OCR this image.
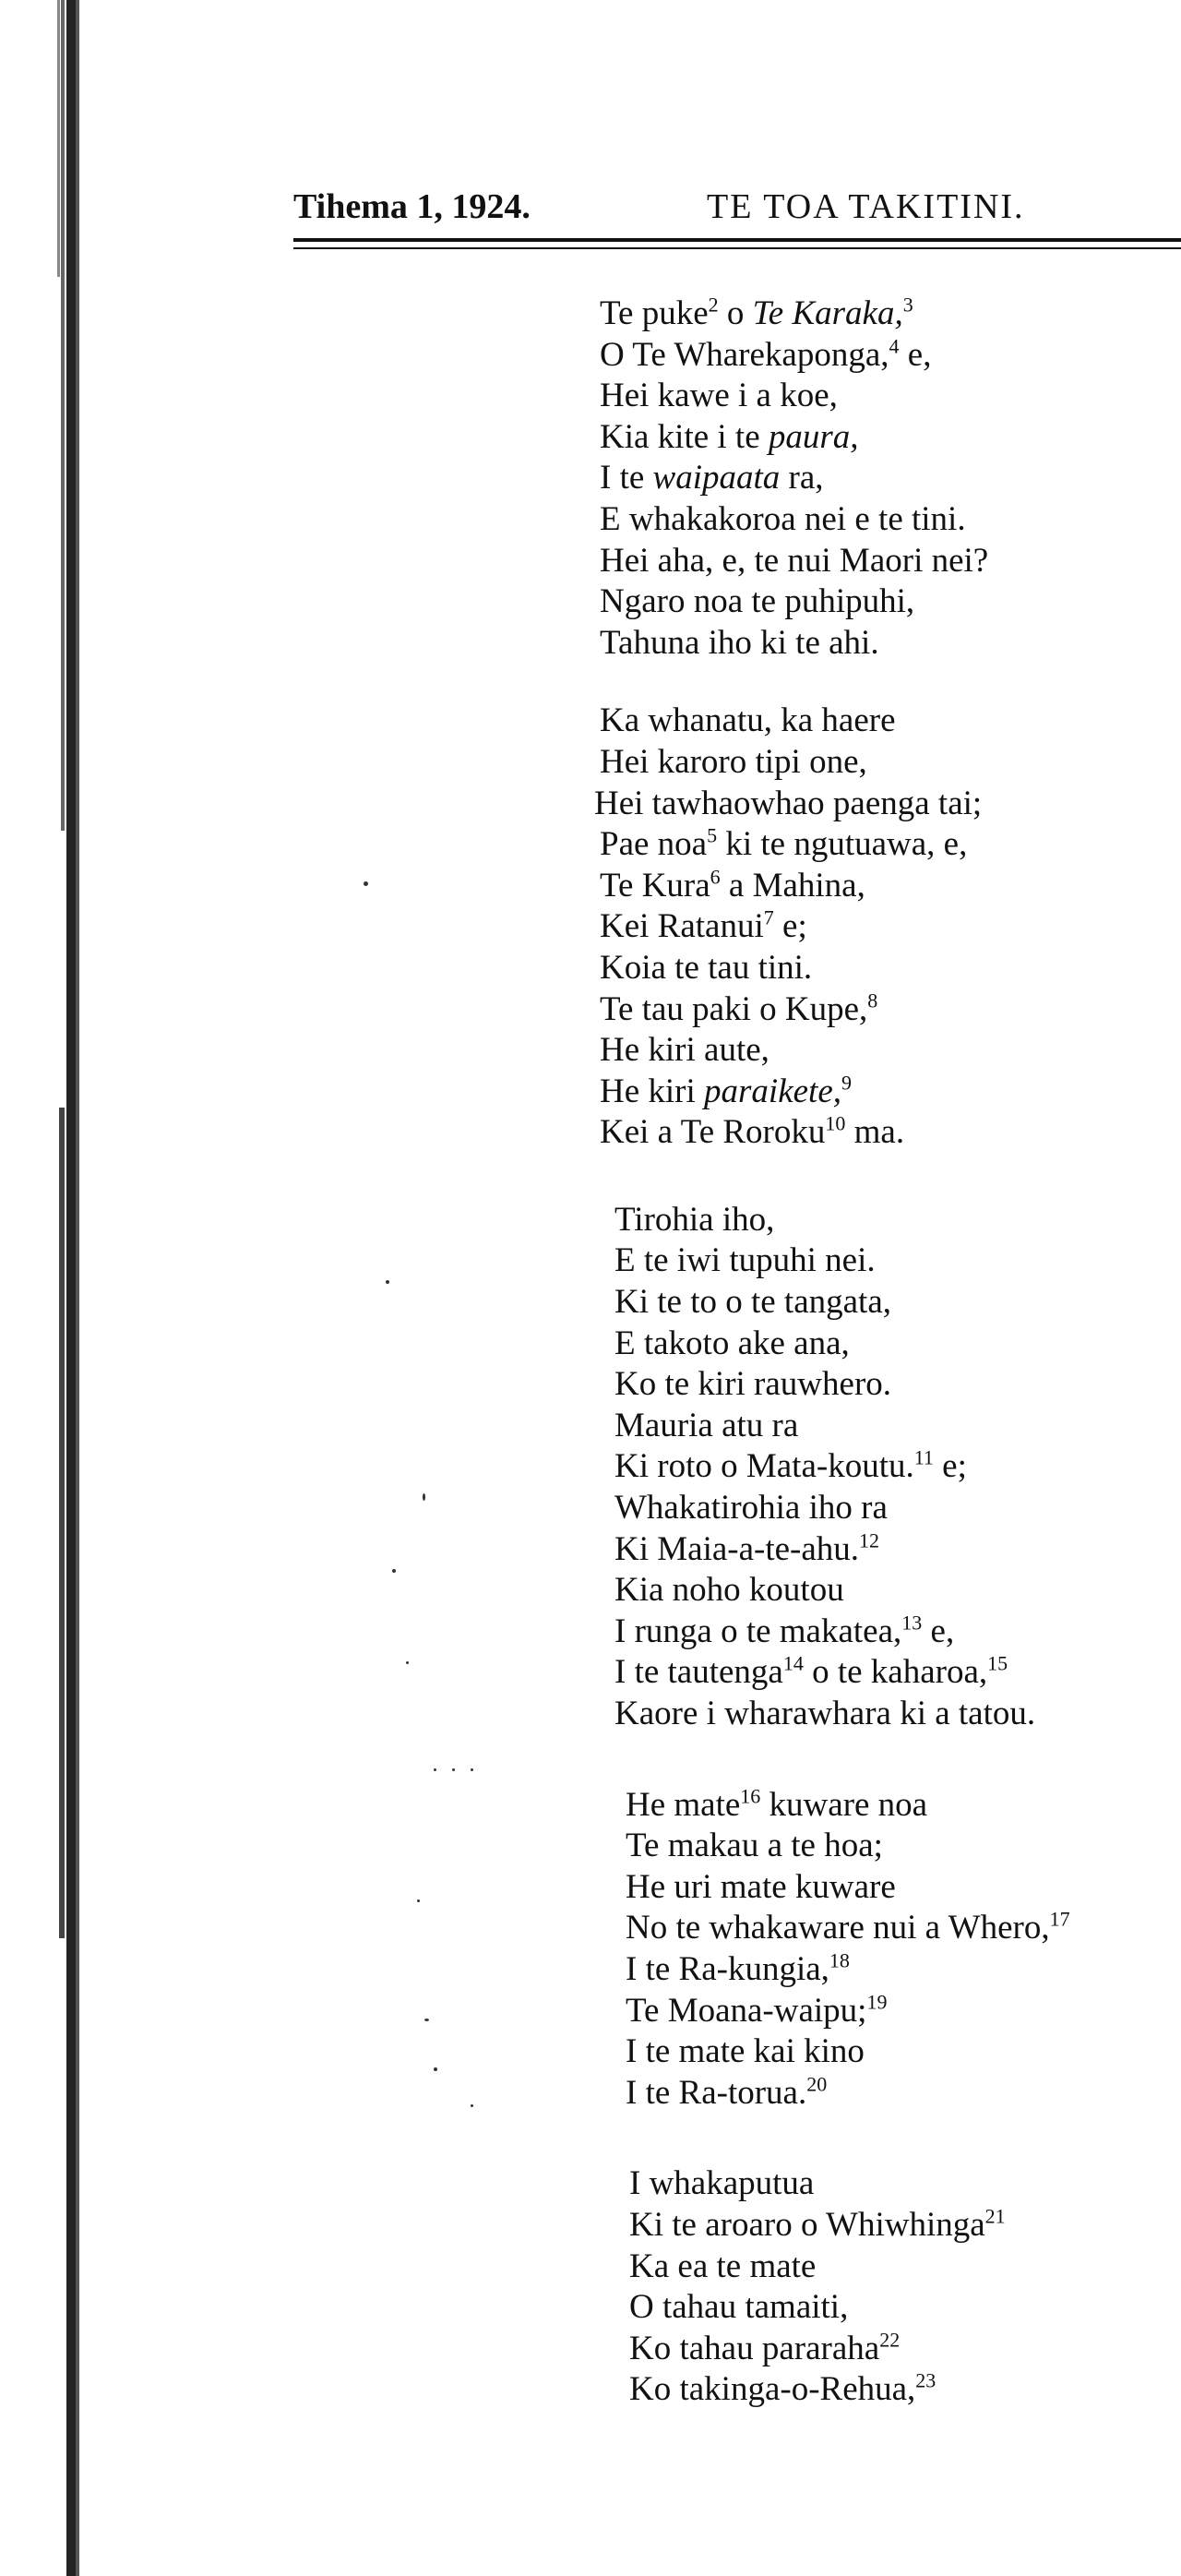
Tihema 1, 1924.	TE TOA TAKITINI.
Te puke$^2$ o Te Karaka,$^3$
O Te Wharekaponga,$^4$ e,
Hei kawe i a koe,
Kia kite i te paura,
I te waipaata ra,
E whakakoroa nei e te tini.
Hei aha, e, te nui Maori nei?
Ngaro noa te puhipuhi,
Tahuna iho ki te ahi.
Ka whanatu, ka haere
Hei karoro tipi one,
Hei tawhaowhao paenga tai;
Pae noa$^5$ ki te ngutuawa, e,
Te Kura$^6$ a Mahina,
Kei Ratanui$^7$ e;
Koia te tau tini.
Te tau paki o Kupe,$^8$
He kiri aute,
He kiri paraikete,$^9$
Kei a Te Roroku$^{10}$ ma.
Tirohia iho,
E te iwi tupuhi nei.
Ki te to o te tangata,
E takoto ake ana,
Ko te kiri rauwhero.
Mauria atu ra
Ki roto o Mata-koutu.$^{11}$ e;
Whakatirohia iho ra
Ki Maia-a-te-ahu.$^{12}$
Kia noho koutou
I runga o te makatea,$^{13}$ e,
I te tautenga$^{14}$ o te kaharoa,$^{15}$
Kaore i wharawhara ki a tatou.
He mate$^{16}$ kuware noa
Te makau a te hoa;
He uri mate kuware
No te whakaware nui a Whero,$^{17}$
I te Ra-kungia,$^{18}$
Te Moana-waipu;$^{19}$
I te mate kai kino
I te Ra-torua.$^{20}$
I whakaputua
Ki te aroaro o Whiwhinga$^{21}$
Ka ea te mate
O tahau tamaiti,
Ko tahau pararaha$^{22}$
Ko takinga-o-Rehua,$^{23}$
